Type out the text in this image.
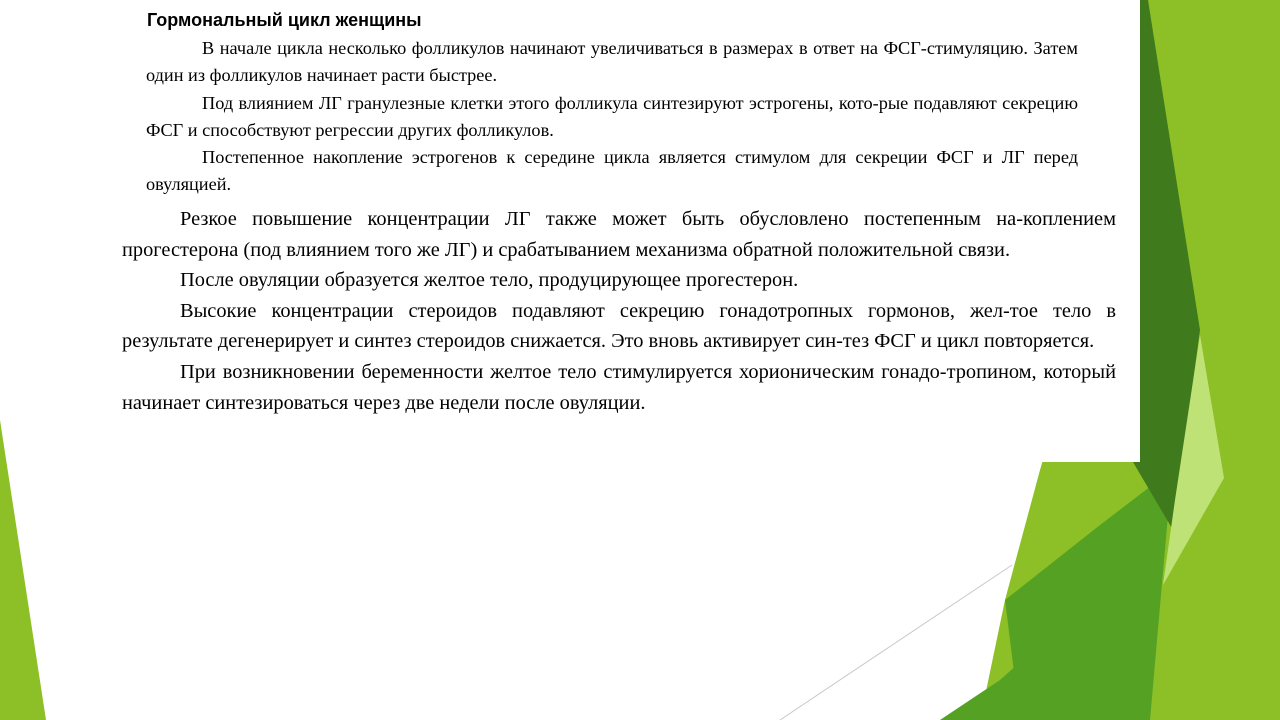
Гормональный цикл женщины

В начале цикла несколько фолликулов начинают увеличиваться в размерах в ответ на ФСГ-стимуляцию. Затем один из фолликулов начинает расти быстрее.

Под влиянием ЛГ гранулезные клетки этого фолликула синтезируют эстрогены, кото-рые подавляют секрецию ФСГ и способствуют регрессии других фолликулов.

Постепенное накопление эстрогенов к середине цикла является стимулом для секреции ФСГ и ЛГ перед овуляцией.

Резкое повышение концентрации ЛГ также может быть обусловлено постепенным на-коплением прогестерона (под влиянием того же ЛГ) и срабатыванием механизма обратной положительной связи.

После овуляции образуется желтое тело, продуцирующее прогестерон.

Высокие концентрации стероидов подавляют секрецию гонадотропных гормонов, жел-тое тело в результате дегенерирует и синтез стероидов снижается. Это вновь активирует син-тез ФСГ и цикл повторяется.

При возникновении беременности желтое тело стимулируется хорионическим гонадо-тропином, который начинает синтезироваться через две недели после овуляции.
